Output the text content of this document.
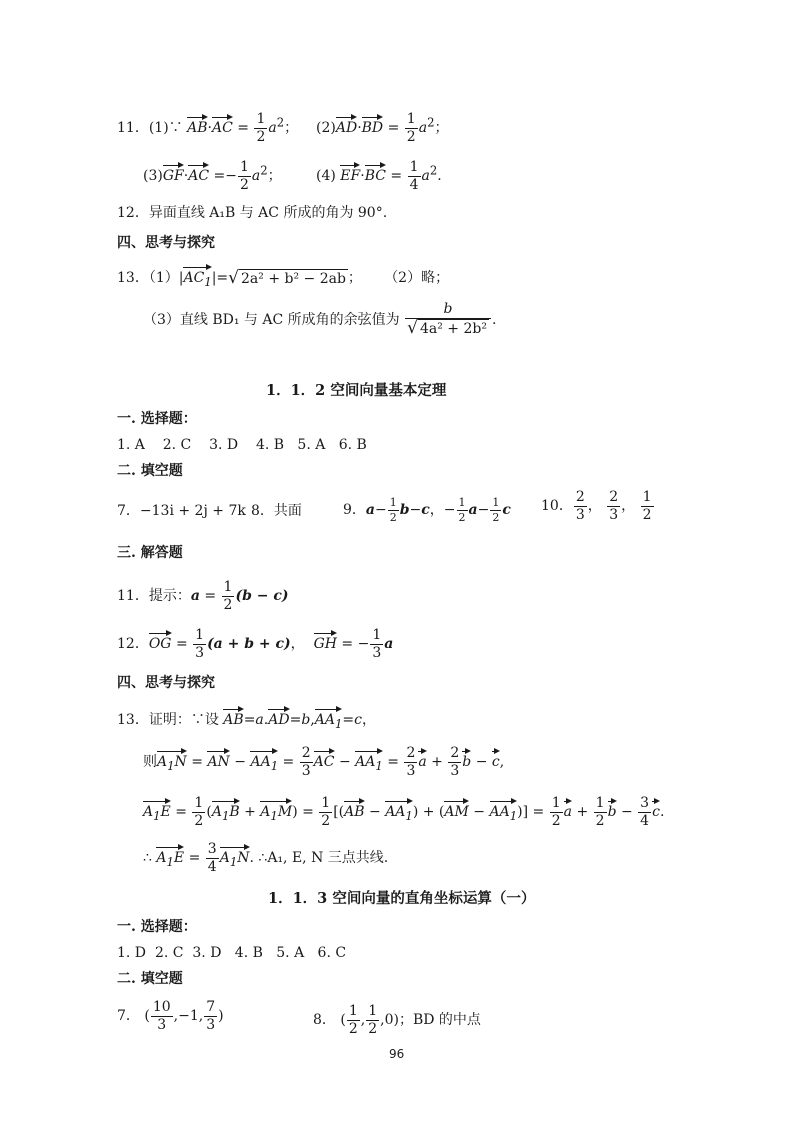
11．(1)∵ $AB\cdot AC = \frac{1}{2} a^2$； $(2)AD\cdot BD = \frac{1}{2} a^2$；
$(3)GF\cdot AC =- \frac{1}{2} a^2$； (4) $EF\cdot BC = \frac{1}{4} a^2$.
12．异面直线 A₁B 与 AC 所成的角为 90°.
四、思考与探究
13．$(1)|AC_1|=√$ 2a² + b² − 2ab ； （2）略；
（3）直线 BD₁ 与 AC 所成角的余弦值为 $\frac{b}{\text{√ 4a² + 2b²}}$ .
1．1．2 空间向量基本定理
一. 选择题：
1. A 2. C 3. D 4. B 5. A 6. B
二. 填空题
7．−13i + 2j + 7k 8．共面	9．$a- \frac{1}{2} b-c$，− $\frac{1}{2} a- \frac{1}{2}$ c 10． $\frac{2}{3}$ ， $\frac{2}{3}$ ， $\frac{1}{2}$
三. 解答题
11．提示：$a = \frac{1}{2} (b - c)$
12．OG = $\frac{1}{3} (a + b + c)$， GH = − $\frac{1}{3}$ a
四、思考与探究
13．证明：∵设 $AB=a.AD=b,AA_1=c$，
则$A_1N$ = AN − $AA_1 = \frac{2}{3}$ AC − $AA_1 = \frac{2}{3}$ $a + \frac{2}{3}$ b − c,
$A_1E = \frac{1}{2} (A_1B + A_1M) = \frac{1}{2} [(AB - AA_1) + (AM - AA_1)] = \frac{1}{2}$ $a + \frac{1}{2}$ $b - \frac{3}{4} c$.
∴ $A_1E = \frac{3}{4} A_1N$. ∴A₁, E, N 三点共线.
1．1．3 空间向量的直角坐标运算（一）
一. 选择题：
1. D 2. C 3. D 4. B 5. A 6. C
二. 填空题
7． ( $\frac{10}{3} ,-1$, $\frac{7}{3}$ )	8． ( $\frac{1}{2}$ , $\frac{1}{2} ,0$)；BD 的中点
96
